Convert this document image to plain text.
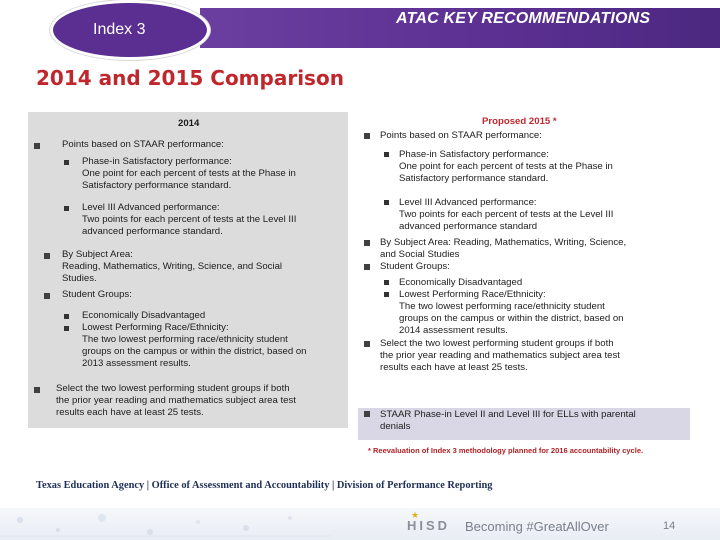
ATAC KEY RECOMMENDATIONS
Index 3
2014 and 2015 Comparison
2014
Points based on STAAR performance:
Phase-in Satisfactory performance:
One point for each percent of tests at the Phase in
Satisfactory performance standard.
Level III Advanced performance:
Two points for each percent of tests at the Level III
advanced performance standard.
By Subject Area:
Reading, Mathematics, Writing, Science, and Social
Studies.
Student Groups:
Economically Disadvantaged
Lowest Performing Race/Ethnicity:
The two lowest performing race/ethnicity student
groups on the campus or within the district, based on
2013 assessment results.
Select the two lowest performing student groups if both
the prior year reading and mathematics subject area test
results each have at least 25 tests.
Proposed 2015 *
Points based on STAAR performance:
Phase-in Satisfactory performance:
One point for each percent of tests at the Phase in
Satisfactory performance standard.
Level III Advanced performance:
Two points for each percent of tests at the Level III
advanced performance standard
By Subject Area: Reading, Mathematics, Writing, Science,
and Social Studies
Student Groups:
Economically Disadvantaged
Lowest Performing Race/Ethnicity:
The two lowest performing race/ethnicity student
groups on the campus or within the district, based on
2014 assessment results.
Select the two lowest performing student groups if both
the prior year reading and mathematics subject area test
results each have at least 25 tests.
STAAR Phase-in Level II and Level III for ELLs with parental
denials
* Reevaluation of Index 3 methodology planned for 2016 accountability cycle.
Texas Education Agency | Office of Assessment and Accountability | Division of Performance Reporting
★
HISD Becoming #GreatAllOver	14
